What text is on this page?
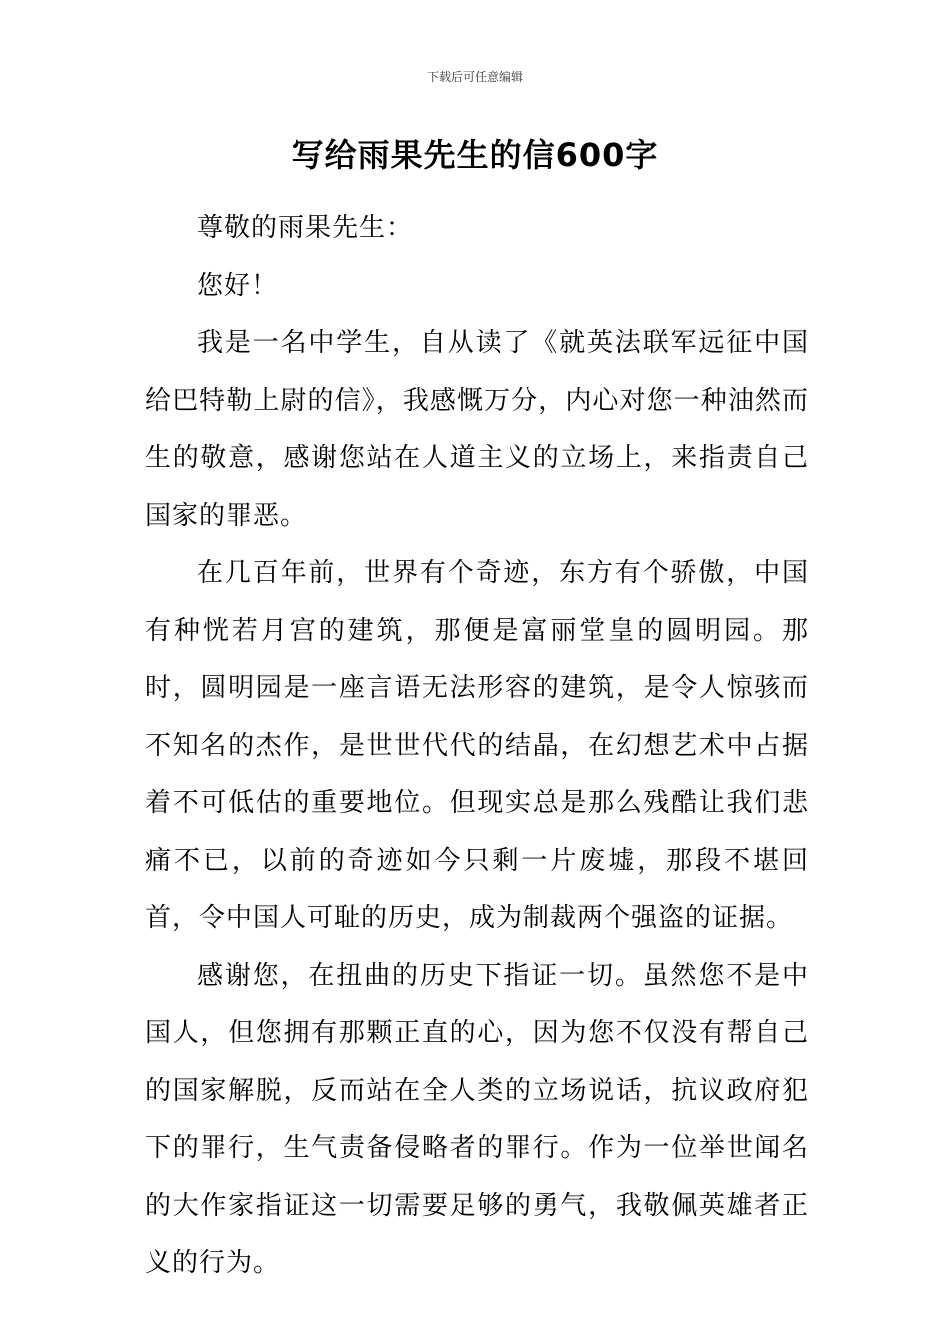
下载后可任意编辑
写给雨果先生的信600字

尊敬的雨果先生：

您好！

我是一名中学生，自从读了《就英法联军远征中国给巴特勒上尉的信》，我感慨万分，内心对您一种油然而生的敬意，感谢您站在人道主义的立场上，来指责自己国家的罪恶。

在几百年前，世界有个奇迹，东方有个骄傲，中国有种恍若月宫的建筑，那便是富丽堂皇的圆明园。那时，圆明园是一座言语无法形容的建筑，是令人惊骇而不知名的杰作，是世世代代的结晶，在幻想艺术中占据着不可低估的重要地位。但现实总是那么残酷让我们悲痛不已，以前的奇迹如今只剩一片废墟，那段不堪回首，令中国人可耻的历史，成为制裁两个强盗的证据。

感谢您，在扭曲的历史下指证一切。虽然您不是中国人，但您拥有那颗正直的心，因为您不仅没有帮自己的国家解脱，反而站在全人类的立场说话，抗议政府犯下的罪行，生气责备侵略者的罪行。作为一位举世闻名的大作家指证这一切需要足够的勇气，我敬佩英雄者正义的行为。
